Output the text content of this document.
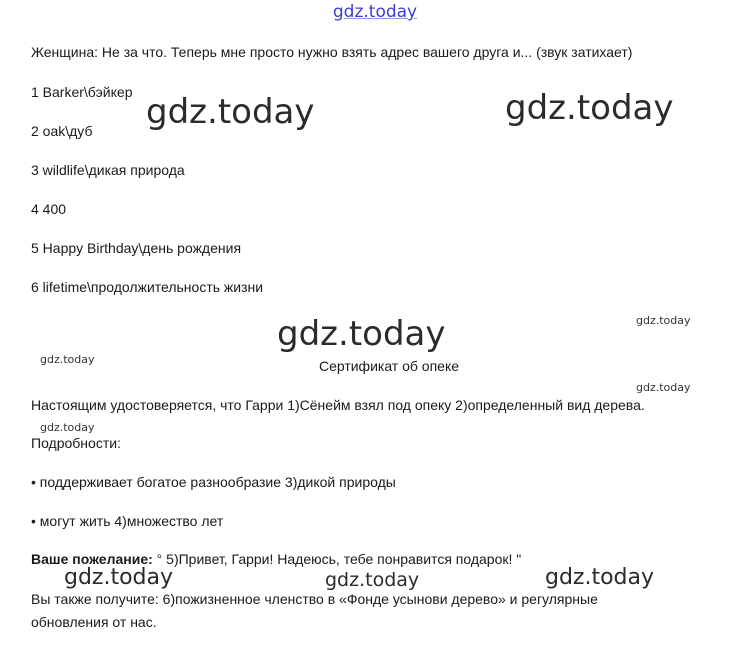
gdz.today
Женщина: Не за что. Теперь мне просто нужно взять адрес вашего друга и... (звук затихает)
1 Barker\бэйкер
2 oak\дуб
3 wildlife\дикая природа
4 400
5 Happy Birthday\день рождения
6 lifetime\продолжительность жизни
Сертификат об опеке
Настоящим удостоверяется, что Гарри 1)Сёнейм взял под опеку 2)определенный вид дерева.
Подробности:
• поддерживает богатое разнообразие 3)дикой природы
• могут жить 4)множество лет
Ваше пожелание: ° 5)Привет, Гарри! Надеюсь, тебе понравится подарок! "
Вы также получите: 6)пожизненное членство в «Фонде усынови дерево» и регулярные
обновления от нас.
gdz.today	gdz.today
gdz.today	gdz.today
gdz.today
gdz.today
gdz.today
gdz.today	gdz.today	gdz.today
